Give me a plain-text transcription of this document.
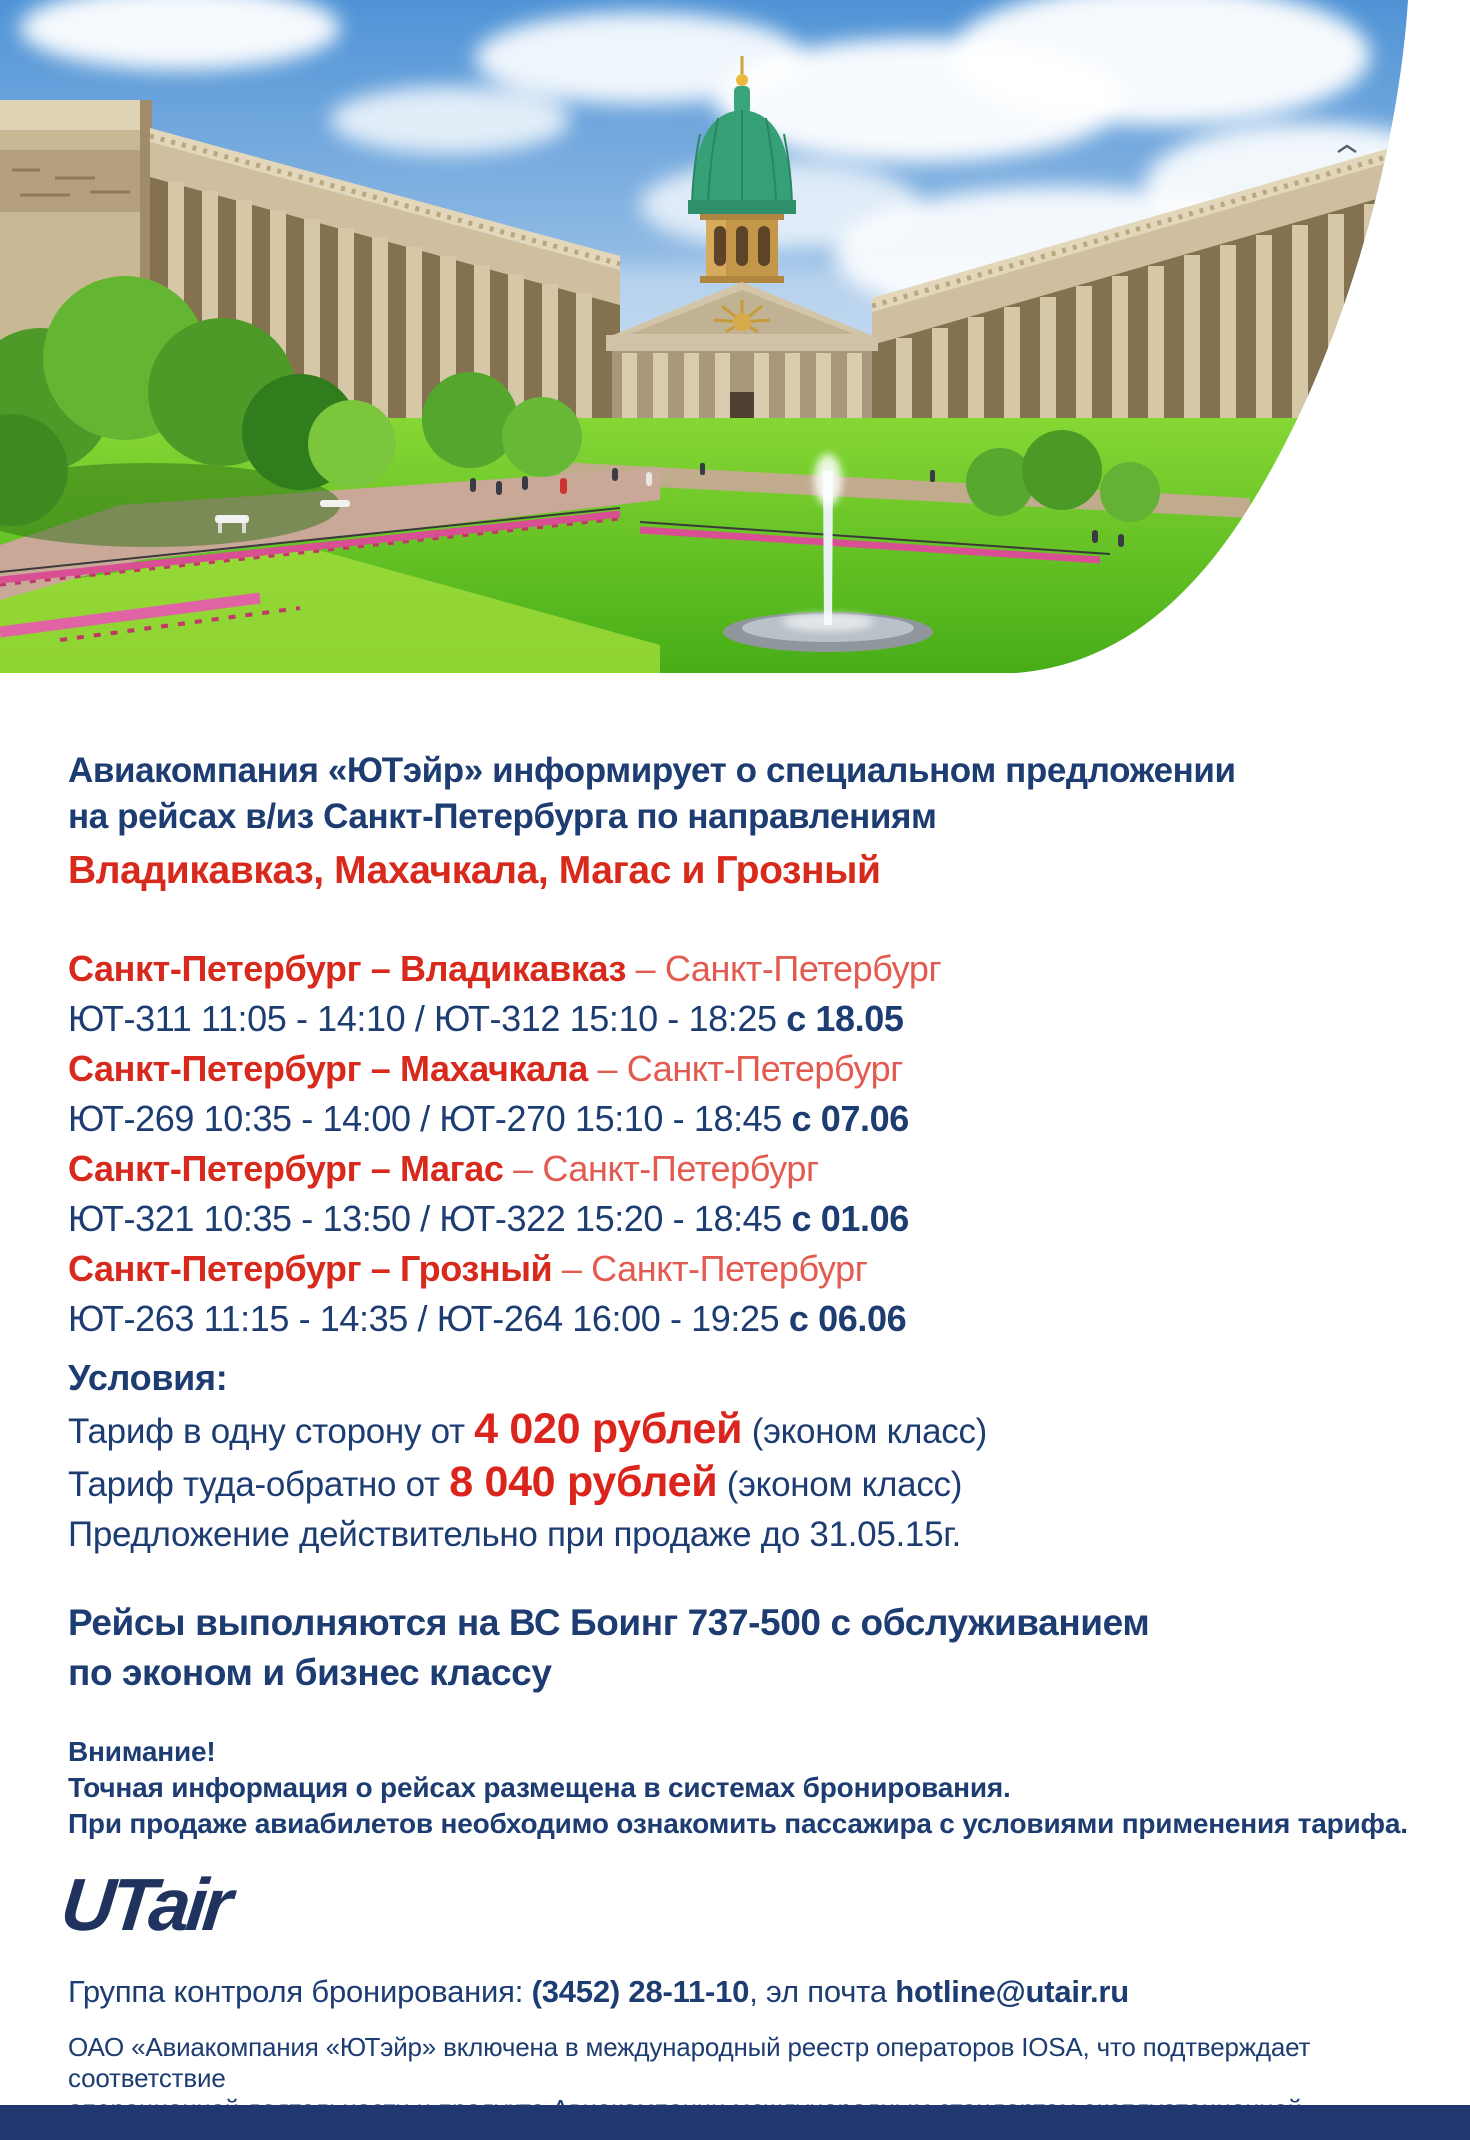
Авиакомпания «ЮТэйр» информирует о специальном предложении
на рейсах в/из Санкт-Петербурга по направлениям
Владикавказ, Махачкала, Магас и Грозный
Санкт-Петербург – Владикавказ – Санкт-Петербург
ЮТ-311 11:05 - 14:10 / ЮТ-312 15:10 - 18:25 с 18.05
Санкт-Петербург – Махачкала – Санкт-Петербург
ЮТ-269 10:35 - 14:00 / ЮТ-270 15:10 - 18:45 с 07.06
Санкт-Петербург – Магас – Санкт-Петербург
ЮТ-321 10:35 - 13:50 / ЮТ-322 15:20 - 18:45 с 01.06
Санкт-Петербург – Грозный – Санкт-Петербург
ЮТ-263 11:15 - 14:35 / ЮТ-264 16:00 - 19:25 с 06.06
Условия:
Тариф в одну сторону от 4 020 рублей (эконом класс)
Тариф туда-обратно от 8 040 рублей (эконом класс)
Предложение действительно при продаже до 31.05.15г.
Рейсы выполняются на ВС Боинг 737-500 с обслуживанием
по эконом и бизнес классу
Внимание!
Точная информация о рейсах размещена в системах бронирования.
При продаже авиабилетов необходимо ознакомить пассажира с условиями применения тарифа.
UTair
Группа контроля бронирования: (3452) 28-11-10, эл почта hotline@utair.ru
ОАО «Авиакомпания «ЮТэйр» включена в международный реестр операторов IOSA, что подтверждает соответствие
